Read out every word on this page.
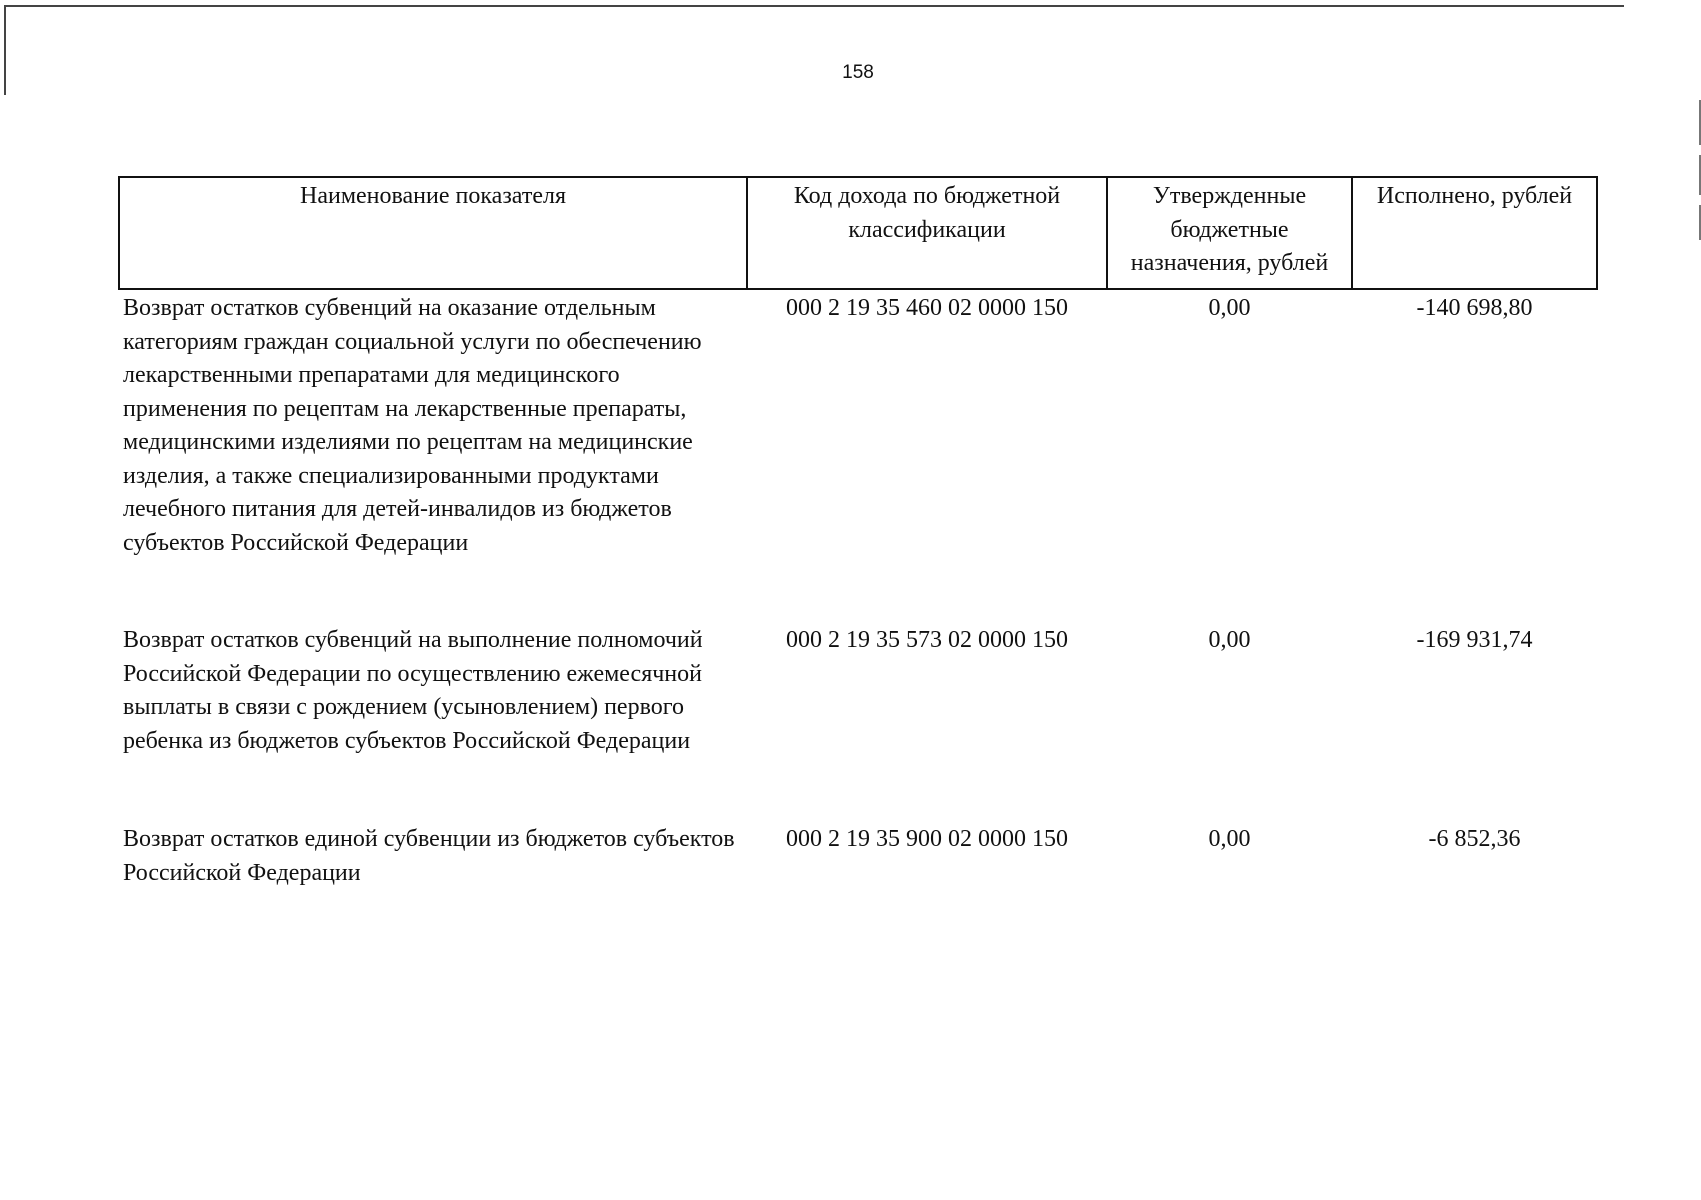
158
Наименование показателя	Код дохода по бюджетной классификации	Утвержденные бюджетные назначения, рублей	Исполнено, рублей
Возврат остатков субвенций на оказание отдельным категориям граждан социальной услуги по обеспечению лекарственными препаратами для медицинского применения по рецептам на лекарственные препараты, медицинскими изделиями по рецептам на медицинские изделия, а также специализированными продуктами лечебного питания для детей-инвалидов из бюджетов субъектов Российской Федерации	000 2 19 35 460 02 0000 150	0,00	-140 698,80
Возврат остатков субвенций на выполнение полномочий Российской Федерации по осуществлению ежемесячной выплаты в связи с рождением (усыновлением) первого ребенка из бюджетов субъектов Российской Федерации	000 2 19 35 573 02 0000 150	0,00	-169 931,74
Возврат остатков единой субвенции из бюджетов субъектов Российской Федерации	000 2 19 35 900 02 0000 150	0,00	-6 852,36
